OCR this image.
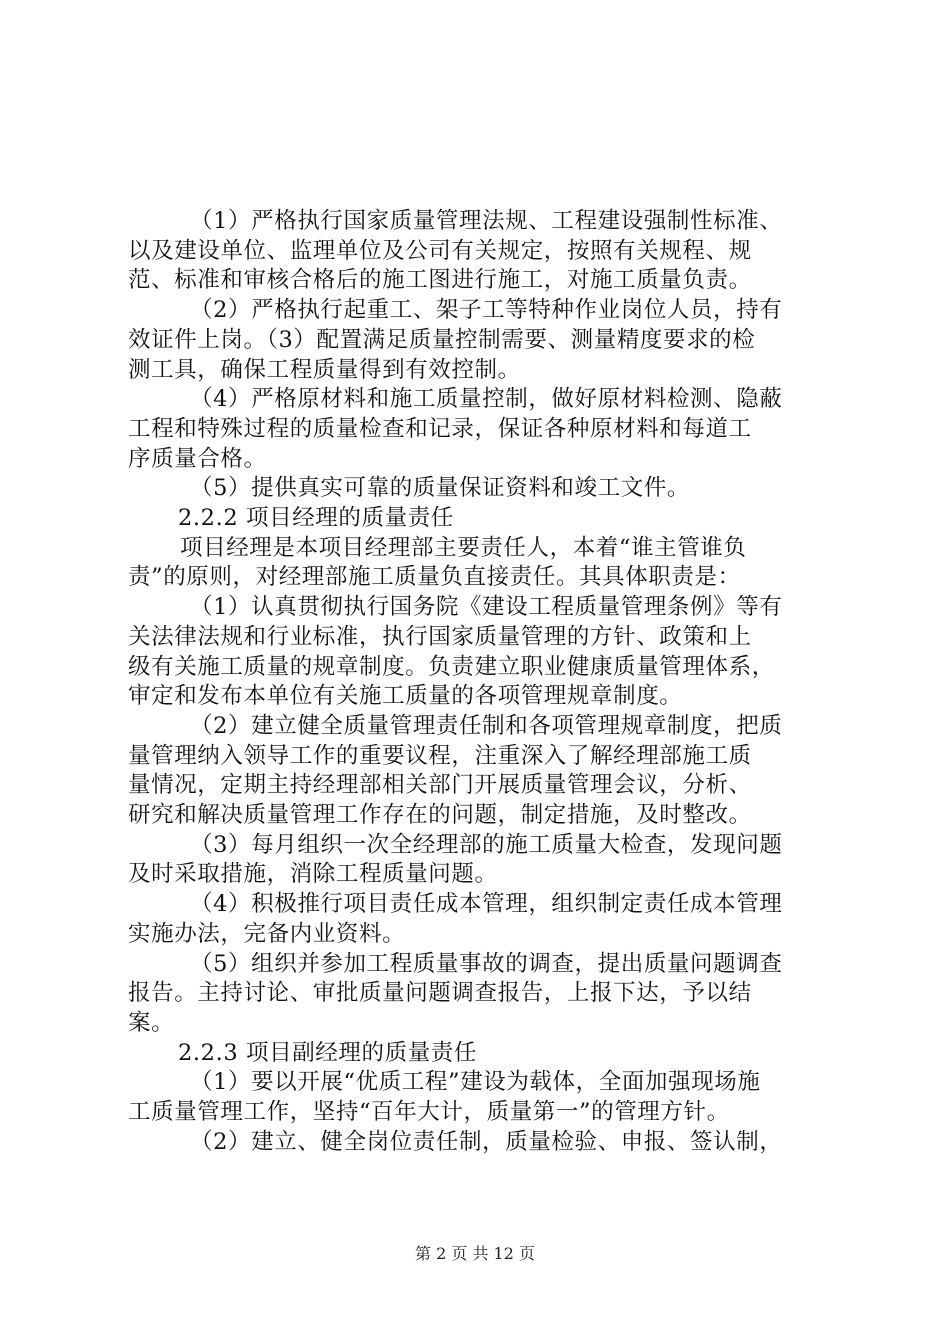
（1）严格执行国家质量管理法规、工程建设强制性标准、
以及建设单位、监理单位及公司有关规定，按照有关规程、规
范、标准和审核合格后的施工图进行施工，对施工质量负责。
（2）严格执行起重工、架子工等特种作业岗位人员，持有
效证件上岗。（3）配置满足质量控制需要、测量精度要求的检
测工具，确保工程质量得到有效控制。
（4）严格原材料和施工质量控制，做好原材料检测、隐蔽
工程和特殊过程的质量检查和记录，保证各种原材料和每道工
序质量合格。
（5）提供真实可靠的质量保证资料和竣工文件。
2.2.2 项目经理的质量责任
项目经理是本项目经理部主要责任人，本着“谁主管谁负
责”的原则，对经理部施工质量负直接责任。其具体职责是：
（1）认真贯彻执行国务院《建设工程质量管理条例》等有
关法律法规和行业标准，执行国家质量管理的方针、政策和上
级有关施工质量的规章制度。负责建立职业健康质量管理体系，
审定和发布本单位有关施工质量的各项管理规章制度。
（2）建立健全质量管理责任制和各项管理规章制度，把质
量管理纳入领导工作的重要议程，注重深入了解经理部施工质
量情况，定期主持经理部相关部门开展质量管理会议，分析、
研究和解决质量管理工作存在的问题，制定措施，及时整改。
（3）每月组织一次全经理部的施工质量大检查，发现问题
及时采取措施，消除工程质量问题。
（4）积极推行项目责任成本管理，组织制定责任成本管理
实施办法，完备内业资料。
（5）组织并参加工程质量事故的调查，提出质量问题调查
报告。主持讨论、审批质量问题调查报告，上报下达，予以结
案。
2.2.3 项目副经理的质量责任
（1）要以开展“优质工程”建设为载体，全面加强现场施
工质量管理工作，坚持“百年大计，质量第一”的管理方针。
（2）建立、健全岗位责任制，质量检验、申报、签认制，
第 2 页 共 12 页
